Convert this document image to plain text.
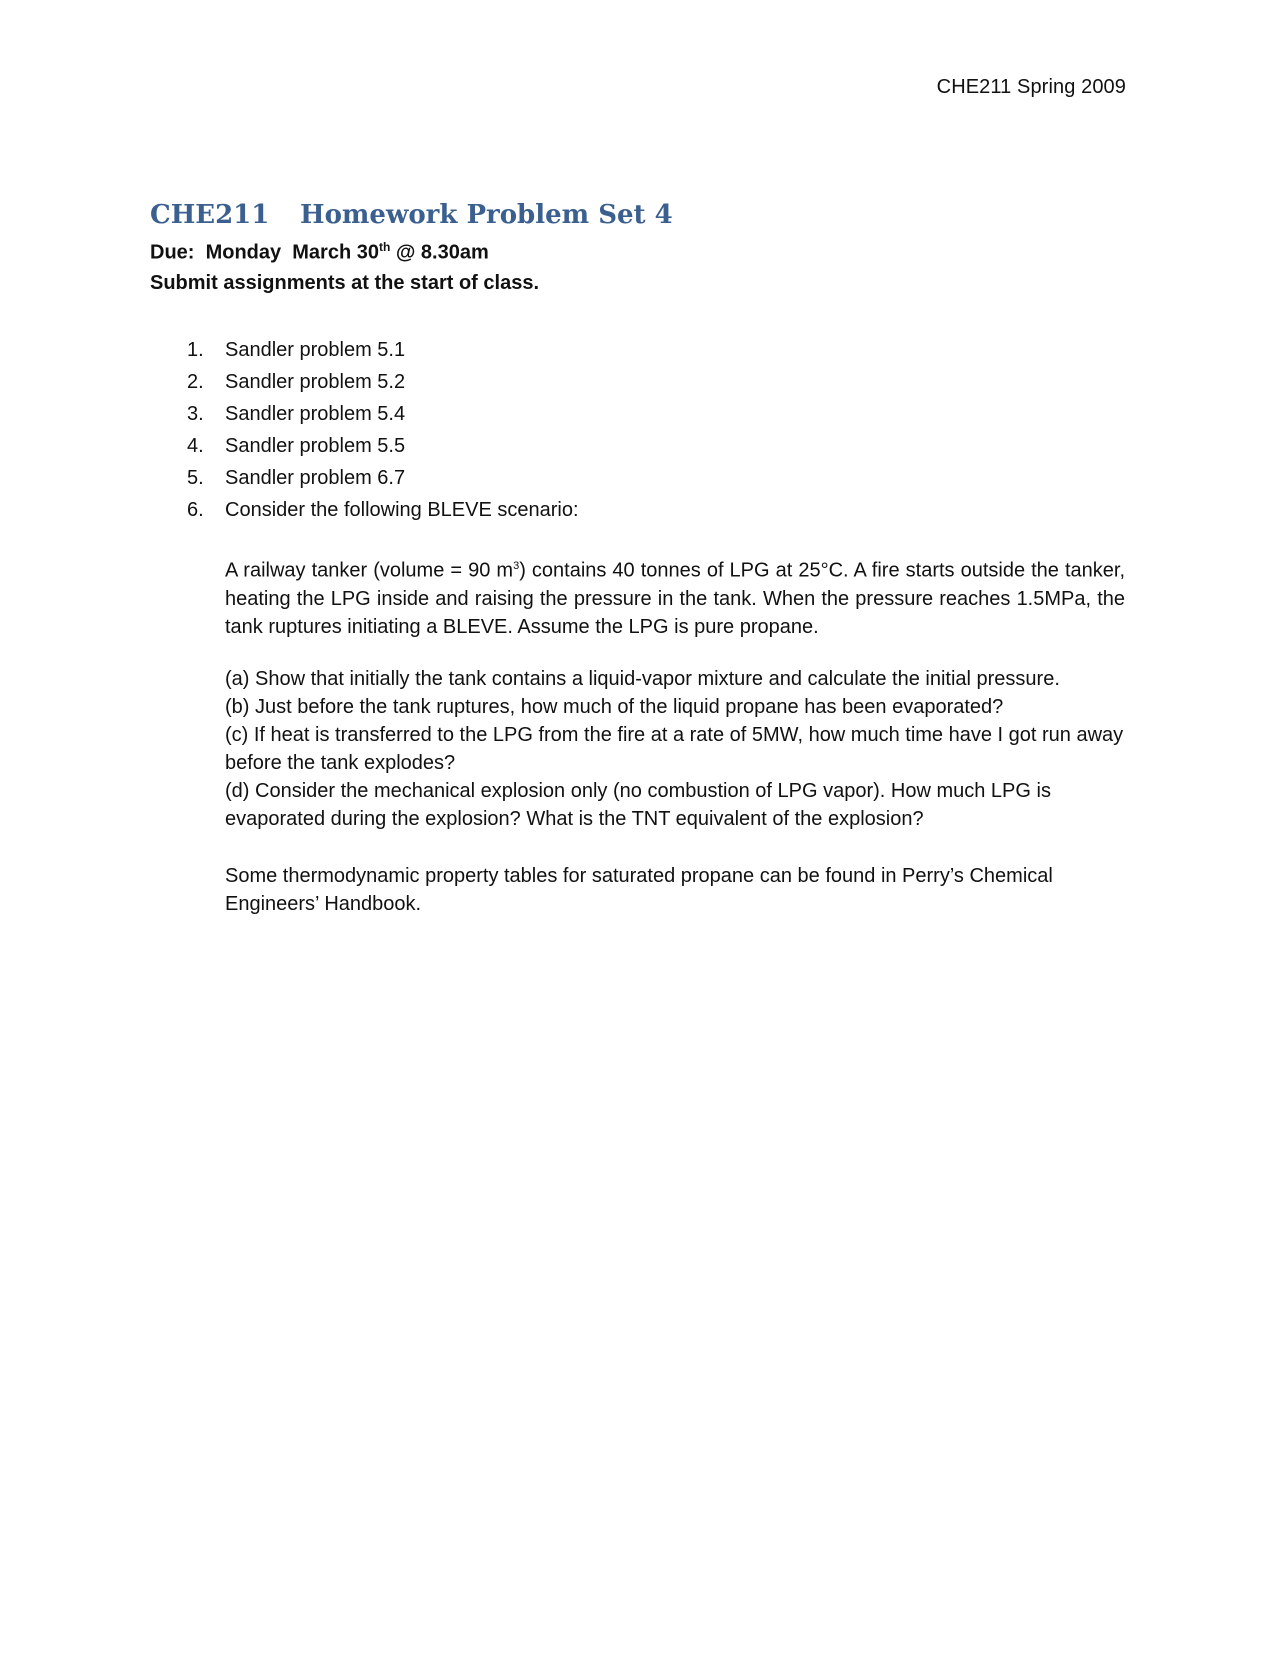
CHE211 Spring 2009
CHE211 Homework Problem Set 4
Due: Monday March 30th @ 8.30am
Submit assignments at the start of class.
1.	Sandler problem 5.1
2.	Sandler problem 5.2
3.	Sandler problem 5.4
4.	Sandler problem 5.5
5.	Sandler problem 6.7
6.	Consider the following BLEVE scenario:

A railway tanker (volume = 90 $m^3$) contains 40 tonnes of LPG at 25°C. A fire starts outside the tanker, heating the LPG inside and raising the pressure in the tank. When the pressure reaches 1.5MPa, the tank ruptures initiating a BLEVE. Assume the LPG is pure propane.

(a) Show that initially the tank contains a liquid-vapor mixture and calculate the initial pressure.

(b) Just before the tank ruptures, how much of the liquid propane has been evaporated?

(c) If heat is transferred to the LPG from the fire at a rate of 5MW, how much time have I got run away before the tank explodes?

(d) Consider the mechanical explosion only (no combustion of LPG vapor). How much LPG is evaporated during the explosion? What is the TNT equivalent of the explosion?

Some thermodynamic property tables for saturated propane can be found in Perry’s Chemical Engineers’ Handbook.
